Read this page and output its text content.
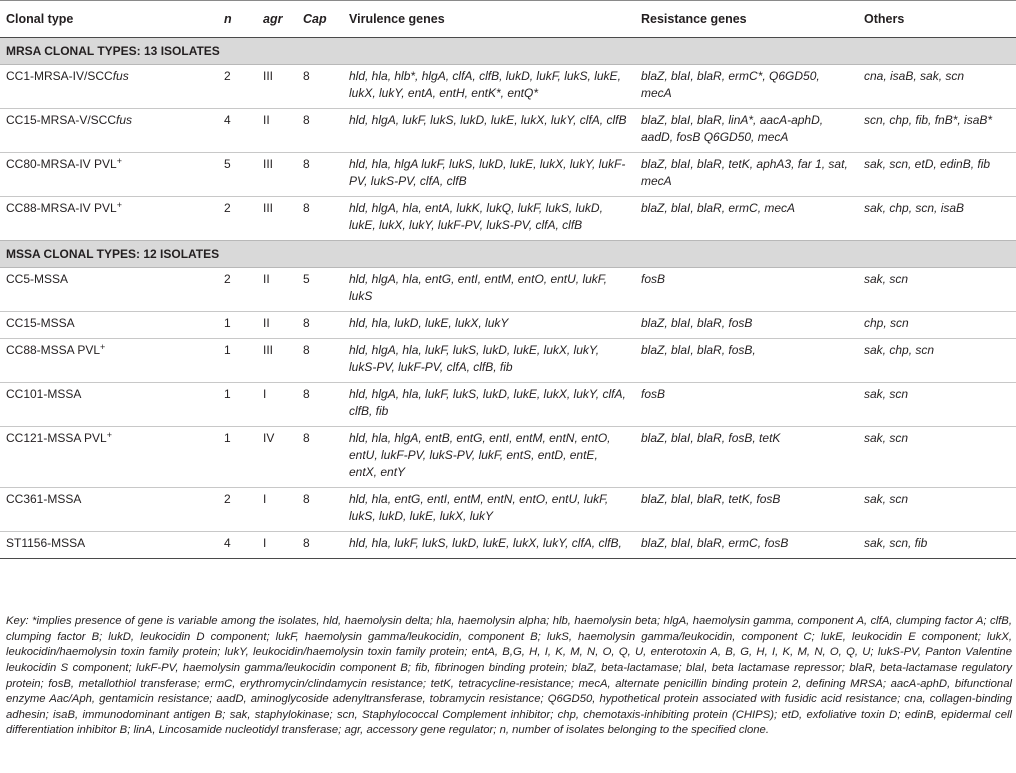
Clonal type	n	agr	Cap	Virulence genes	Resistance genes	Others
MRSA CLONAL TYPES: 13 ISOLATES						
CC1-MRSA-IV/SCCfus	2	III	8	hld, hla, hlb*, hlgA, clfA, clfB, lukD, lukF, lukS, lukE, lukX, lukY, entA, entH, entK*, entQ*	blaZ, blaI, blaR, ermC*, Q6GD50, mecA	cna, isaB, sak, scn
CC15-MRSA-V/SCCfus	4	II	8	hld, hlgA, lukF, lukS, lukD, lukE, lukX, lukY, clfA, clfB	blaZ, blaI, blaR, linA*, aacA-aphD, aadD, fosB Q6GD50, mecA	scn, chp, fib, fnB*, isaB*
CC80-MRSA-IV PVL+	5	III	8	hld, hla, hlgA lukF, lukS, lukD, lukE, lukX, lukY, lukF-PV, lukS-PV, clfA, clfB	blaZ, blaI, blaR, tetK, aphA3, far 1, sat, mecA	sak, scn, etD, edinB, fib
CC88-MRSA-IV PVL+	2	III	8	hld, hlgA, hla, entA, lukK, lukQ, lukF, lukS, lukD, lukE, lukX, lukY, lukF-PV, lukS-PV, clfA, clfB	blaZ, blaI, blaR, ermC, mecA	sak, chp, scn, isaB
MSSA CLONAL TYPES: 12 ISOLATES						
CC5-MSSA	2	II	5	hld, hlgA, hla, entG, entI, entM, entO, entU, lukF, lukS	fosB	sak, scn
CC15-MSSA	1	II	8	hld, hla, lukD, lukE, lukX, lukY	blaZ, blaI, blaR, fosB	chp, scn
CC88-MSSA PVL+	1	III	8	hld, hlgA, hla, lukF, lukS, lukD, lukE, lukX, lukY, lukS-PV, lukF-PV, clfA, clfB, fib	blaZ, blaI, blaR, fosB,	sak, chp, scn
CC101-MSSA	1	I	8	hld, hlgA, hla, lukF, lukS, lukD, lukE, lukX, lukY, clfA, clfB, fib	fosB	sak, scn
CC121-MSSA PVL+	1	IV	8	hld, hla, hlgA, entB, entG, entI, entM, entN, entO, entU, lukF-PV, lukS-PV, lukF, entS, entD, entE, entX, entY	blaZ, blaI, blaR, fosB, tetK	sak, scn
CC361-MSSA	2	I	8	hld, hla, entG, entI, entM, entN, entO, entU, lukF, lukS, lukD, lukE, lukX, lukY	blaZ, blaI, blaR, tetK, fosB	sak, scn
ST1156-MSSA	4	I	8	hld, hla, lukF, lukS, lukD, lukE, lukX, lukY, clfA, clfB,	blaZ, blaI, blaR, ermC, fosB	sak, scn, fib

Key: *implies presence of gene is variable among the isolates, hld, haemolysin delta; hla, haemolysin alpha; hlb, haemolysin beta; hlgA, haemolysin gamma, component A, clfA, clumping factor A; clfB, clumping factor B; lukD, leukocidin D component; lukF, haemolysin gamma/leukocidin, component B; lukS, haemolysin gamma/leukocidin, component C; lukE, leukocidin E component; lukX, leukocidin/haemolysin toxin family protein; lukY, leukocidin/haemolysin toxin family protein; entA, B,G, H, I, K, M, N, O, Q, U, enterotoxin A, B, G, H, I, K, M, N, O, Q, U; lukS-PV, Panton Valentine leukocidin S component; lukF-PV, haemolysin gamma/leukocidin component B; fib, fibrinogen binding protein; blaZ, beta-lactamase; blaI, beta lactamase repressor; blaR, beta-lactamase regulatory protein; fosB, metallothiol transferase; ermC, erythromycin/clindamycin resistance; tetK, tetracycline-resistance; mecA, alternate penicillin binding protein 2, defining MRSA; aacA-aphD, bifunctional enzyme Aac/Aph, gentamicin resistance; aadD, aminoglycoside adenyltransferase, tobramycin resistance; Q6GD50, hypothetical protein associated with fusidic acid resistance; cna, collagen-binding adhesin; isaB, immunodominant antigen B; sak, staphylokinase; scn, Staphylococcal Complement inhibitor; chp, chemotaxis-inhibiting protein (CHIPS); etD, exfoliative toxin D; edinB, epidermal cell differentiation inhibitor B; linA, Lincosamide nucleotidyl transferase; agr, accessory gene regulator; n, number of isolates belonging to the specified clone.
